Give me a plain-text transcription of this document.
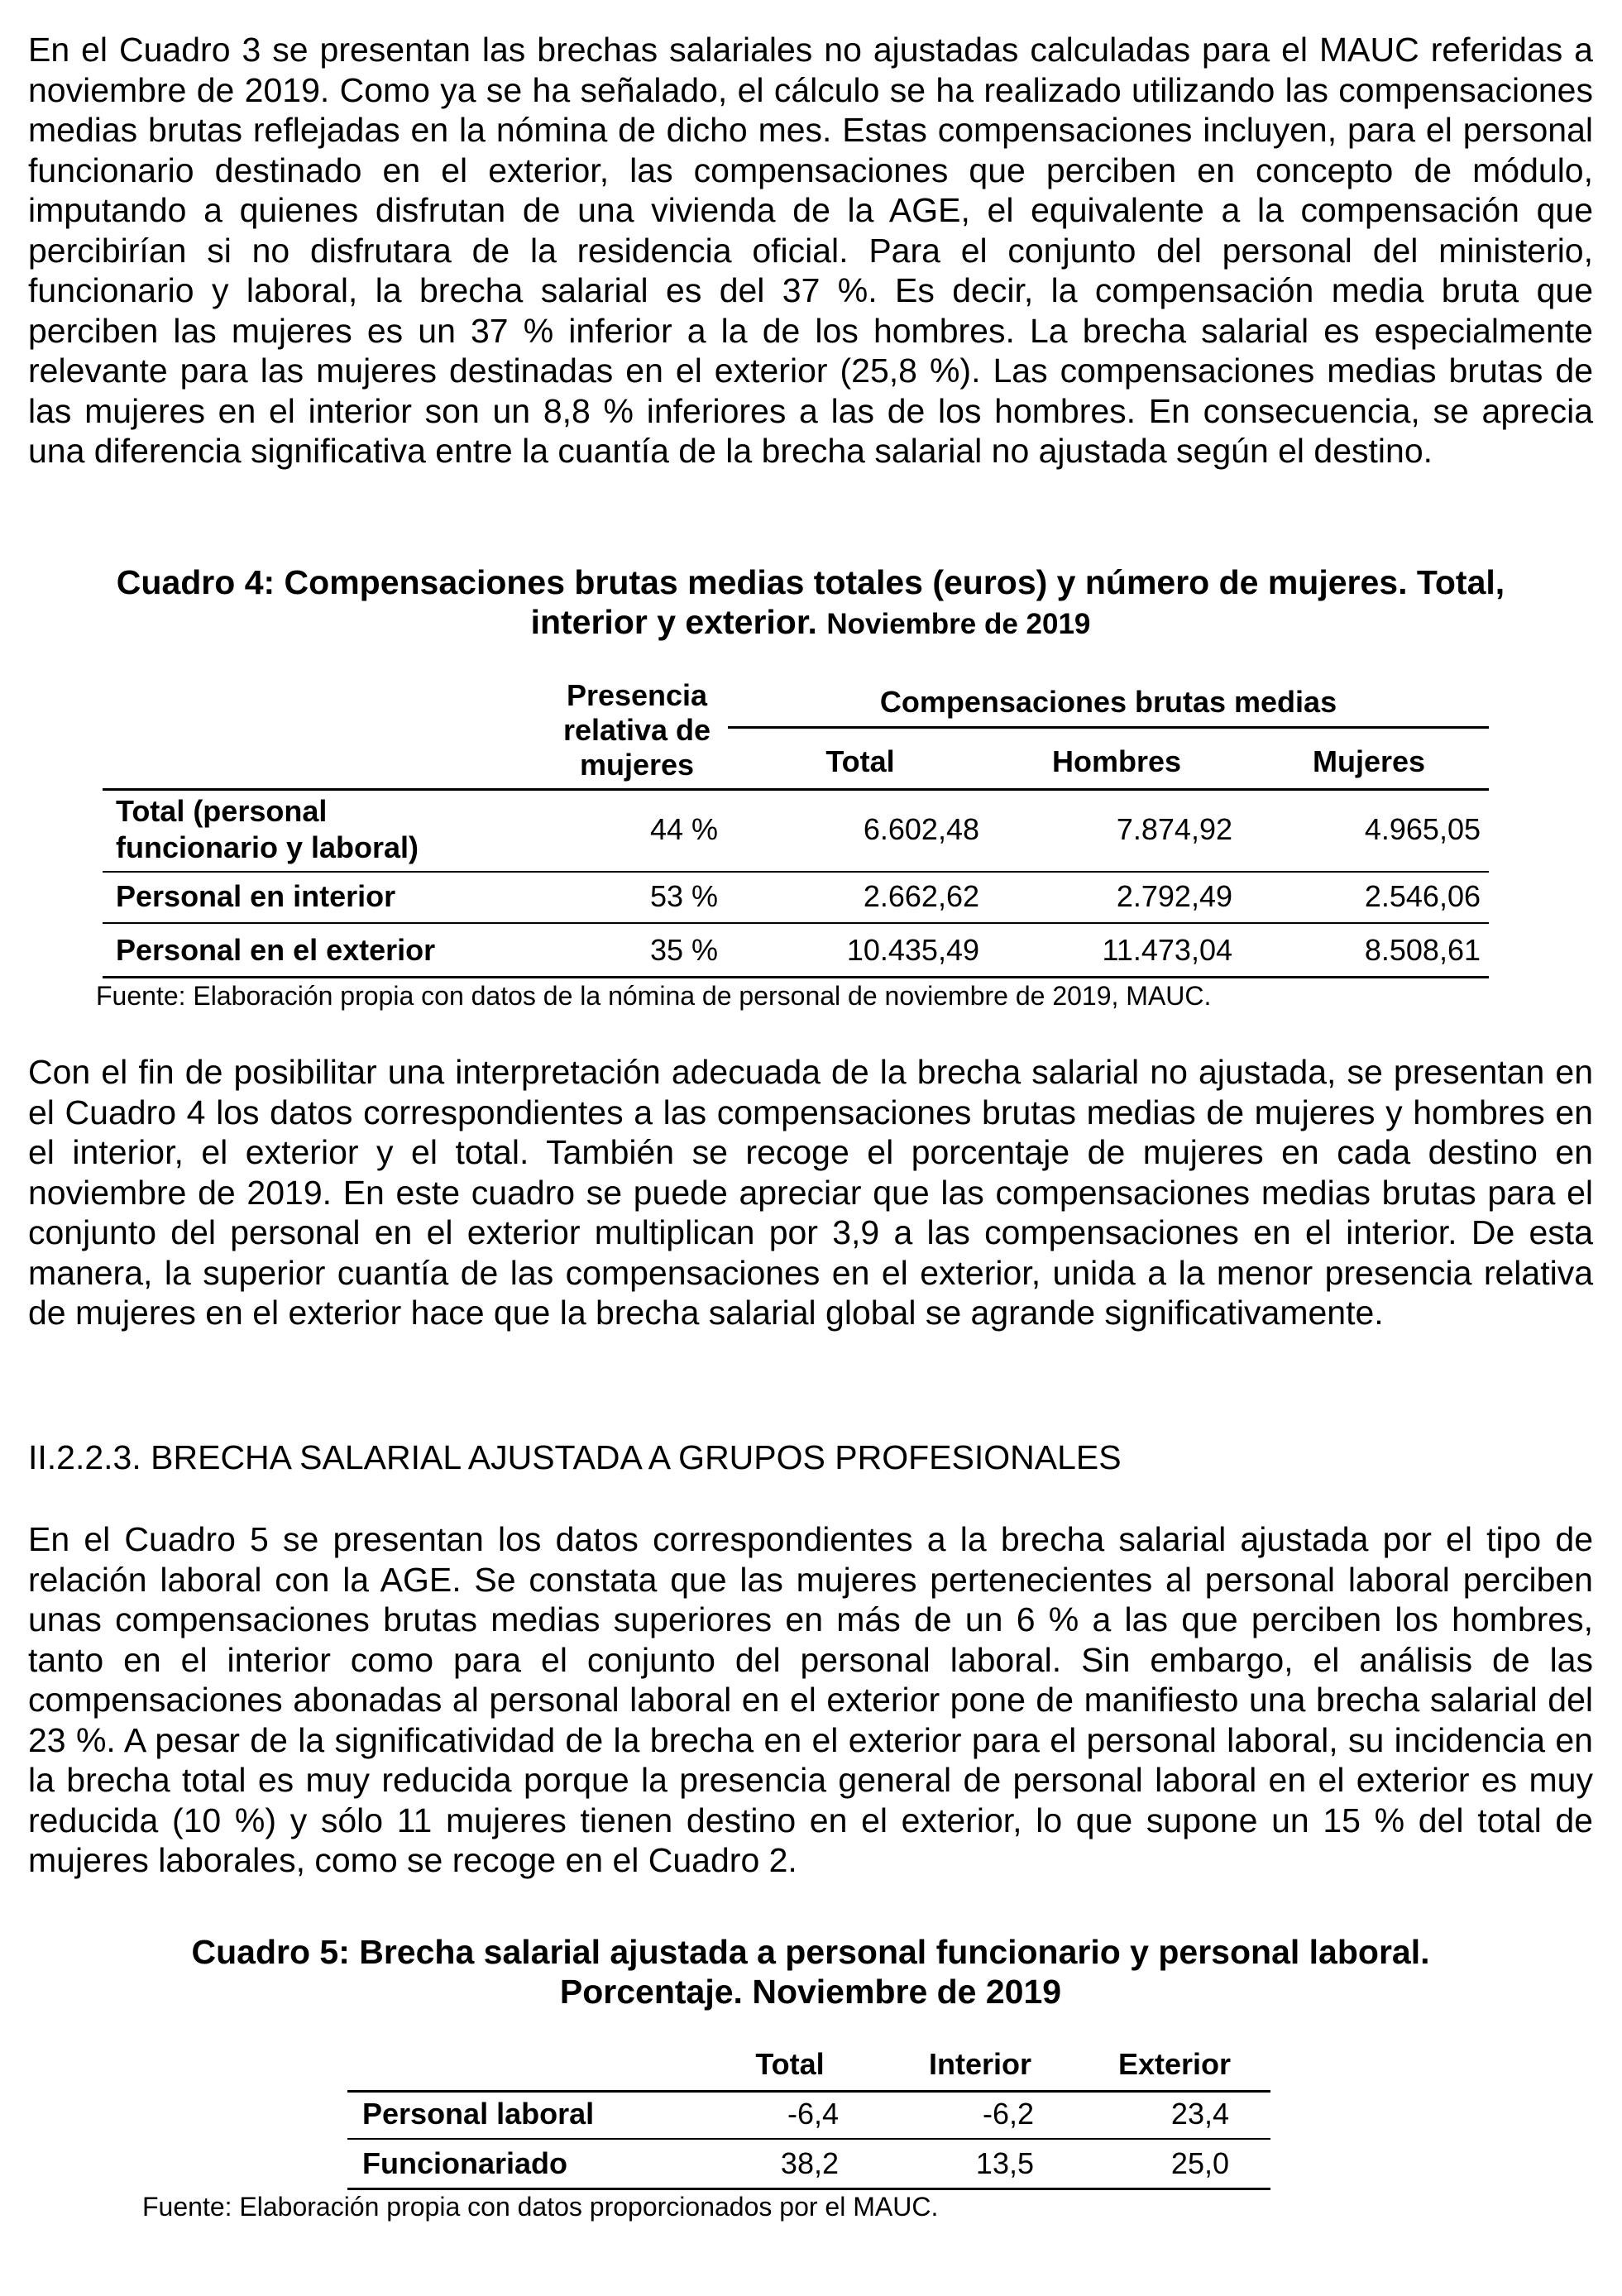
En el Cuadro 3 se presentan las brechas salariales no ajustadas calculadas para el MAUC referidas a noviembre de 2019. Como ya se ha señalado, el cálculo se ha realizado utilizando las compensaciones medias brutas reflejadas en la nómina de dicho mes. Estas compensaciones incluyen, para el personal funcionario destinado en el exterior, las compensaciones que perciben en concepto de módulo, imputando a quienes disfrutan de una vivienda de la AGE, el equivalente a la compensación que percibirían si no disfrutara de la residencia oficial. Para el conjunto del personal del ministerio, funcionario y laboral, la brecha salarial es del 37 %. Es decir, la compensación media bruta que perciben las mujeres es un 37 % inferior a la de los hombres. La brecha salarial es especialmente relevante para las mujeres destinadas en el exterior (25,8 %). Las compensaciones medias brutas de las mujeres en el interior son un 8,8 % inferiores a las de los hombres. En consecuencia, se aprecia una diferencia significativa entre la cuantía de la brecha salarial no ajustada según el destino.

Cuadro 4: Compensaciones brutas medias totales (euros) y número de mujeres. Total,
interior y exterior. Noviembre de 2019

Presencia
relativa de
mujeres
Compensaciones brutas medias
Total	Hombres	Mujeres
Total (personal
funcionario y laboral)
44 %	6.602,48	7.874,92	4.965,05
Personal en interior	53 %	2.662,62	2.792,49	2.546,06
Personal en el exterior	35 %	10.435,49	11.473,04	8.508,61

Fuente: Elaboración propia con datos de la nómina de personal de noviembre de 2019, MAUC.

Con el fin de posibilitar una interpretación adecuada de la brecha salarial no ajustada, se presentan en el Cuadro 4 los datos correspondientes a las compensaciones brutas medias de mujeres y hombres en el interior, el exterior y el total. También se recoge el porcentaje de mujeres en cada destino en noviembre de 2019. En este cuadro se puede apreciar que las compensaciones medias brutas para el conjunto del personal en el exterior multiplican por 3,9 a las compensaciones en el interior. De esta manera, la superior cuantía de las compensaciones en el exterior, unida a la menor presencia relativa de mujeres en el exterior hace que la brecha salarial global se agrande significativamente.

II.2.2.3. BRECHA SALARIAL AJUSTADA A GRUPOS PROFESIONALES

En el Cuadro 5 se presentan los datos correspondientes a la brecha salarial ajustada por el tipo de relación laboral con la AGE. Se constata que las mujeres pertenecientes al personal laboral perciben unas compensaciones brutas medias superiores en más de un 6 % a las que perciben los hombres, tanto en el interior como para el conjunto del personal laboral. Sin embargo, el análisis de las compensaciones abonadas al personal laboral en el exterior pone de manifiesto una brecha salarial del 23 %. A pesar de la significatividad de la brecha en el exterior para el personal laboral, su incidencia en la brecha total es muy reducida porque la presencia general de personal laboral en el exterior es muy reducida (10 %) y sólo 11 mujeres tienen destino en el exterior, lo que supone un 15 % del total de mujeres laborales, como se recoge en el Cuadro 2.

Cuadro 5: Brecha salarial ajustada a personal funcionario y personal laboral.
Porcentaje. Noviembre de 2019

Total	Interior	Exterior
Personal laboral	-6,4	-6,2	23,4
Funcionariado	38,2	13,5	25,0

Fuente: Elaboración propia con datos proporcionados por el MAUC.
